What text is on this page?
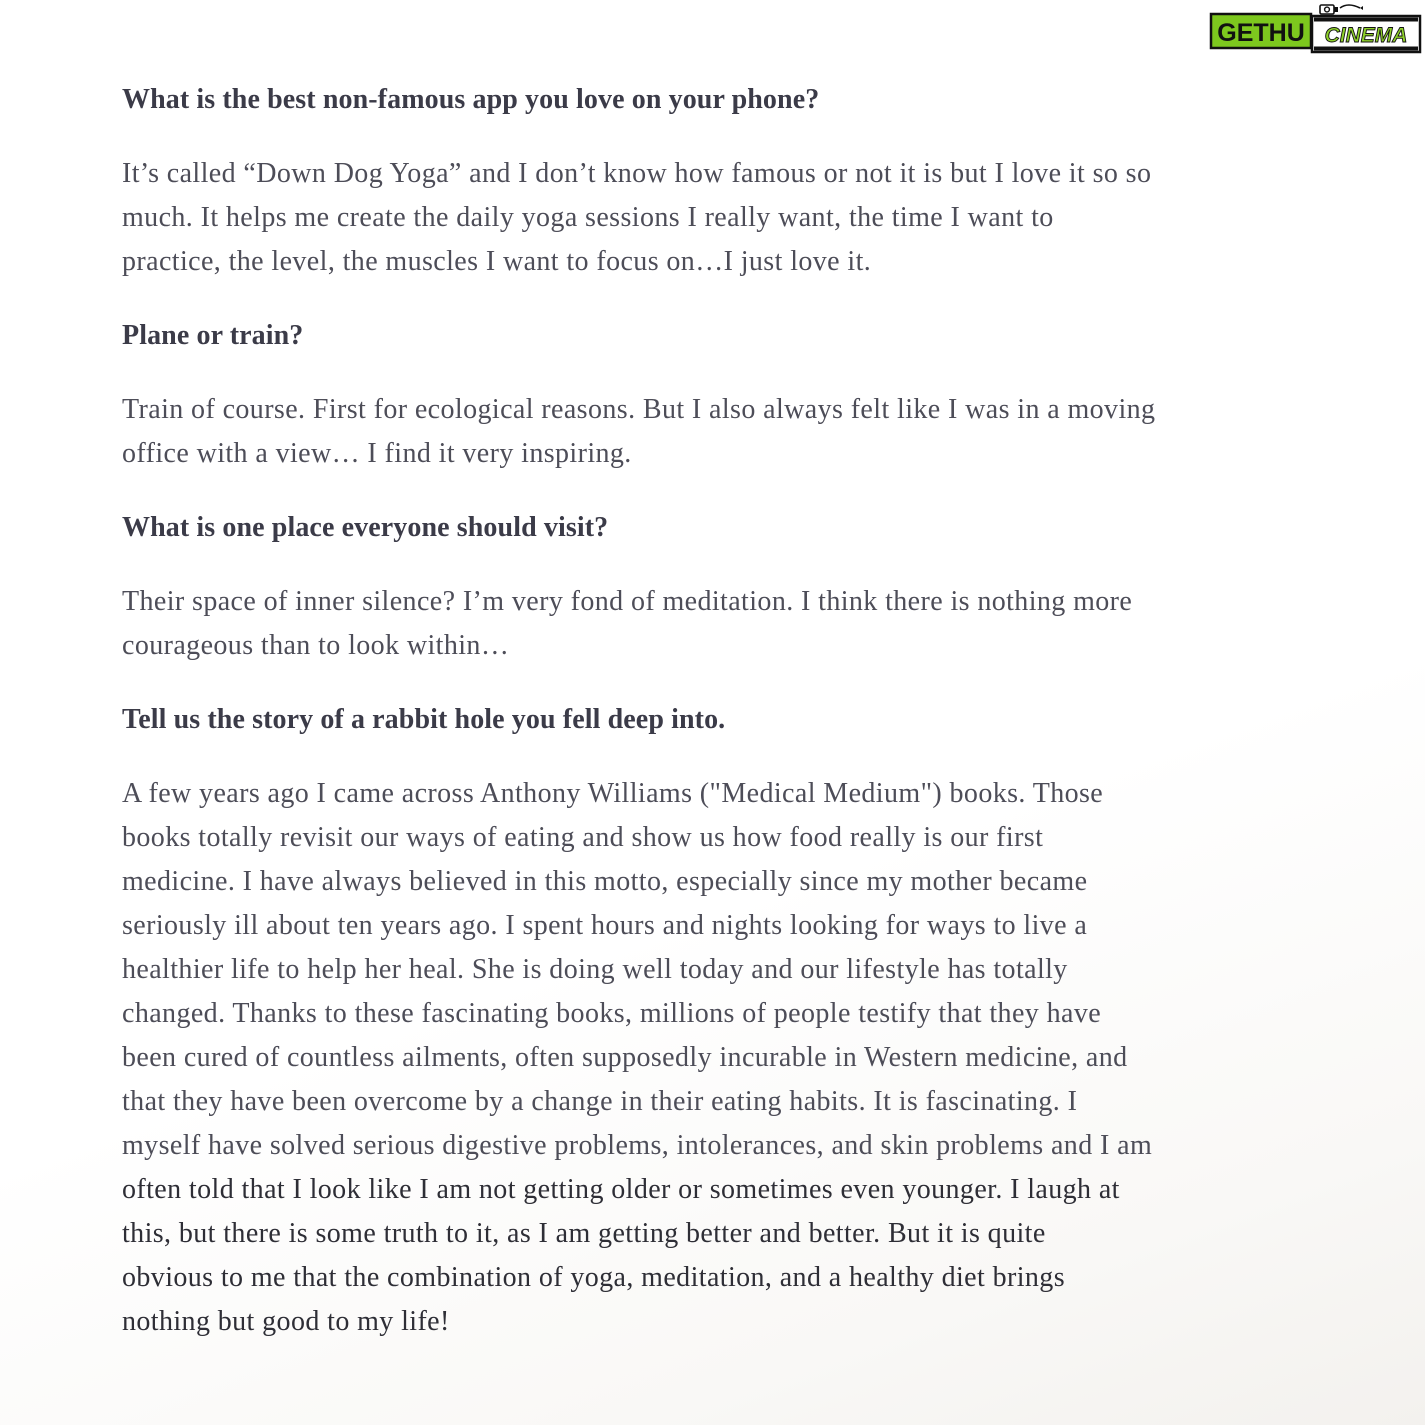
GETHU CINEMA
What is the best non-famous app you love on your phone?
It’s called “Down Dog Yoga” and I don’t know how famous or not it is but I love it so so
much. It helps me create the daily yoga sessions I really want, the time I want to
practice, the level, the muscles I want to focus on…I just love it.
Plane or train?
Train of course. First for ecological reasons. But I also always felt like I was in a moving
office with a view… I find it very inspiring.
What is one place everyone should visit?
Their space of inner silence? I’m very fond of meditation. I think there is nothing more
courageous than to look within…
Tell us the story of a rabbit hole you fell deep into.
A few years ago I came across Anthony Williams ("Medical Medium") books. Those
books totally revisit our ways of eating and show us how food really is our first
medicine. I have always believed in this motto, especially since my mother became
seriously ill about ten years ago. I spent hours and nights looking for ways to live a
healthier life to help her heal. She is doing well today and our lifestyle has totally
changed. Thanks to these fascinating books, millions of people testify that they have
been cured of countless ailments, often supposedly incurable in Western medicine, and
that they have been overcome by a change in their eating habits. It is fascinating. I
myself have solved serious digestive problems, intolerances, and skin problems and I am
often told that I look like I am not getting older or sometimes even younger. I laugh at
this, but there is some truth to it, as I am getting better and better. But it is quite
obvious to me that the combination of yoga, meditation, and a healthy diet brings
nothing but good to my life!
